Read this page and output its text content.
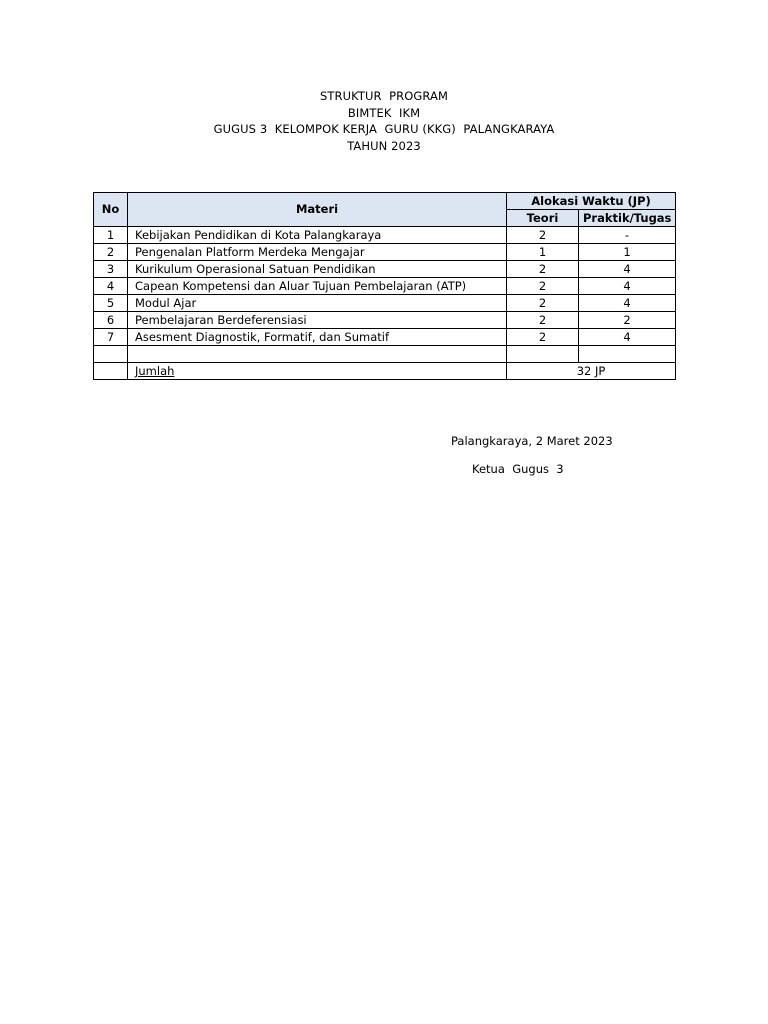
STRUKTUR  PROGRAM
BIMTEK  IKM
GUGUS 3  KELOMPOK KERJA  GURU (KKG)  PALANGKARAYA
TAHUN 2023
No	Materi	Alokasi Waktu (JP)	
		Teori	Praktik/Tugas
1	Kebijakan Pendidikan di Kota Palangkaraya	2	-
2	Pengenalan Platform Merdeka Mengajar	1	1
3	Kurikulum Operasional Satuan Pendidikan	2	4
4	Capean Kompetensi dan Aluar Tujuan Pembelajaran (ATP)	2	4
5	Modul Ajar	2	4
6	Pembelajaran Berdeferensiasi	2	2
7	Asesment Diagnostik, Formatif, dan Sumatif	2	4

	Jumlah	32 JP	
Palangkaraya, 2 Maret 2023
Ketua  Gugus  3
